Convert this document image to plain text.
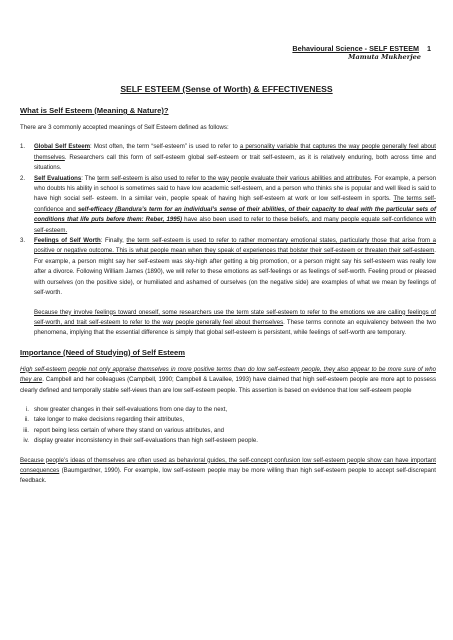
Behavioural Science - SELF ESTEEM 1
Mamuta Mukherjee
SELF ESTEEM (Sense of Worth) & EFFECTIVENESS
What is Self Esteem (Meaning & Nature)?

There are 3 commonly accepted meanings of Self Esteem defined as follows:

1. Global Self Esteem: Most often, the term “self-esteem” is used to refer to a personality variable that captures the way people generally feel about themselves. Researchers call this form of self-esteem global self-esteem or trait self-esteem, as it is relatively enduring, both across time and situations.
2. Self Evaluations: The term self-esteem is also used to refer to the way people evaluate their various abilities and attributes. For example, a person who doubts his ability in school is sometimes said to have low academic self-esteem, and a person who thinks she is popular and well liked is said to have high social self- esteem. In a similar vein, people speak of having high self-esteem at work or low self-esteem in sports. The terms self-confidence and self-efficacy (Bandura’s term for an individual’s sense of their abilities, of their capacity to deal with the particular sets of conditions that life puts before them: Reber, 1995) have also been used to refer to these beliefs, and many people equate self-confidence with self-esteem.
3. Feelings of Self Worth: Finally, the term self-esteem is used to refer to rather momentary emotional states, particularly those that arise from a positive or negative outcome. This is what people mean when they speak of experiences that bolster their self-esteem or threaten their self-esteem. For example, a person might say her self-esteem was sky-high after getting a big promotion, or a person might say his self-esteem was really low after a divorce. Following William James (1890), we will refer to these emotions as self-feelings or as feelings of self-worth. Feeling proud or pleased with ourselves (on the positive side), or humiliated and ashamed of ourselves (on the negative side) are examples of what we mean by feelings of self-worth.

Because they involve feelings toward oneself, some researchers use the term state self-esteem to refer to the emotions we are calling feelings of self-worth, and trait self-esteem to refer to the way people generally feel about themselves. These terms connote an equivalency between the two phenomena, implying that the essential difference is simply that global self-esteem is persistent, while feelings of self-worth are temporary.

Importance (Need of Studying) of Self Esteem

High self-esteem people not only appraise themselves in more positive terms than do low self-esteem people, they also appear to be more sure of who they are. Campbell and her colleagues (Campbell, 1990; Campbell & Lavallee, 1993) have claimed that high self-esteem people are more apt to possess clearly defined and temporally stable self-views than are low self-esteem people. This assertion is based on evidence that low self-esteem people

i. show greater changes in their self-evaluations from one day to the next,
ii. take longer to make decisions regarding their attributes,
iii. report being less certain of where they stand on various attributes, and
iv. display greater inconsistency in their self-evaluations than high self-esteem people.

Because people’s ideas of themselves are often used as behavioral guides, the self-concept confusion low self-esteem people show can have important consequences (Baumgardner, 1990). For example, low self-esteem people may be more willing than high self-esteem people to accept self-discrepant feedback.
